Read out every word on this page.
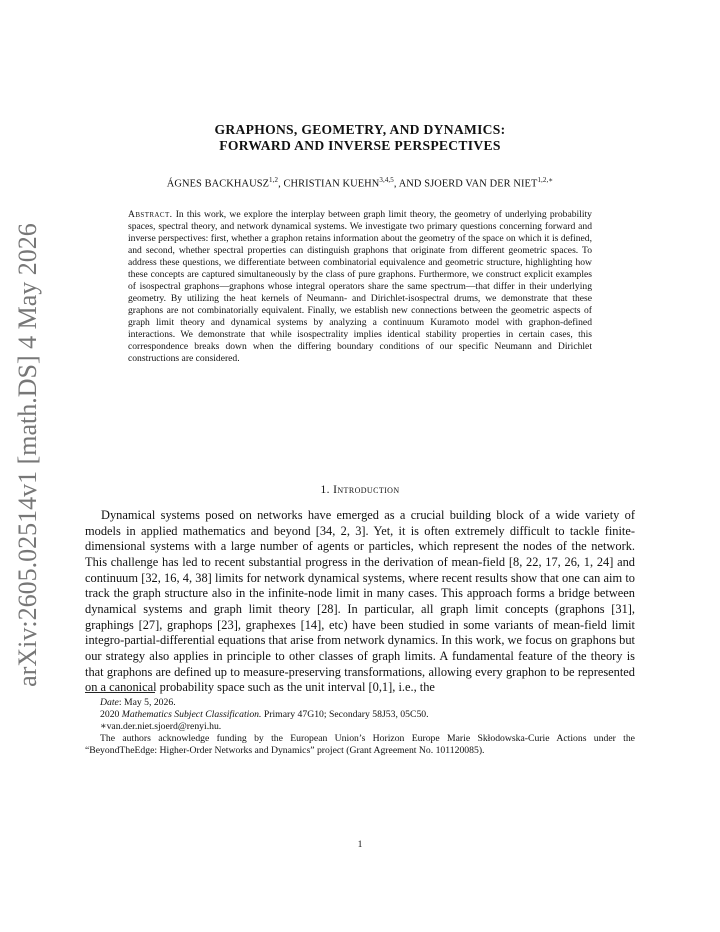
arXiv:2605.02514v1 [math.DS] 4 May 2026
GRAPHONS, GEOMETRY, AND DYNAMICS:
FORWARD AND INVERSE PERSPECTIVES
ÁGNES BACKHAUSZ$^{1,2}$, CHRISTIAN KUEHN$^{3,4,5}$, AND SJOERD VAN DER $NIET^{1,2,∗}$
Abstract. In this work, we explore the interplay between graph limit theory, the geometry of underlying probability spaces, spectral theory, and network dynamical systems. We investigate two primary questions concerning forward and inverse perspectives: first, whether a graphon retains information about the geometry of the space on which it is defined, and second, whether spectral properties can distinguish graphons that originate from different geometric spaces. To address these questions, we differentiate between combinatorial equivalence and geometric structure, highlighting how these concepts are captured simultaneously by the class of pure graphons. Furthermore, we construct explicit examples of isospectral graphons—graphons whose integral operators share the same spectrum—that differ in their underlying geometry. By utilizing the heat kernels of Neumann- and Dirichlet-isospectral drums, we demonstrate that these graphons are not combinatorially equivalent. Finally, we establish new connections between the geometric aspects of graph limit theory and dynamical systems by analyzing a continuum Kuramoto model with graphon-defined interactions. We demonstrate that while isospectrality implies identical stability properties in certain cases, this correspondence breaks down when the differing boundary conditions of our specific Neumann and Dirichlet constructions are considered.
1. Introduction
Dynamical systems posed on networks have emerged as a crucial building block of a wide variety of models in applied mathematics and beyond [34, 2, 3]. Yet, it is often extremely difficult to tackle finite-dimensional systems with a large number of agents or particles, which represent the nodes of the network. This challenge has led to recent substantial progress in the derivation of mean-field [8, 22, 17, 26, 1, 24] and continuum [32, 16, 4, 38] limits for network dynamical systems, where recent results show that one can aim to track the graph structure also in the infinite-node limit in many cases. This approach forms a bridge between dynamical systems and graph limit theory [28]. In particular, all graph limit concepts (graphons [31], graphings [27], graphops [23], graphexes [14], etc) have been studied in some variants of mean-field limit integro-partial-differential equations that arise from network dynamics. In this work, we focus on graphons but our strategy also applies in principle to other classes of graph limits. A fundamental feature of the theory is that graphons are defined up to measure-preserving transformations, allowing every graphon to be represented on a canonical probability space such as the unit interval [0,1], i.e., the

Date: May 5, 2026.

2020 Mathematics Subject Classification. Primary 47G10; Secondary 58J53, 05C50.

∗van.der.niet.sjoerd@renyi.hu.

The authors acknowledge funding by the European Union’s Horizon Europe Marie Skłodowska-Curie Actions under the “BeyondTheEdge: Higher-Order Networks and Dynamics” project (Grant Agreement No. 101120085).

1
